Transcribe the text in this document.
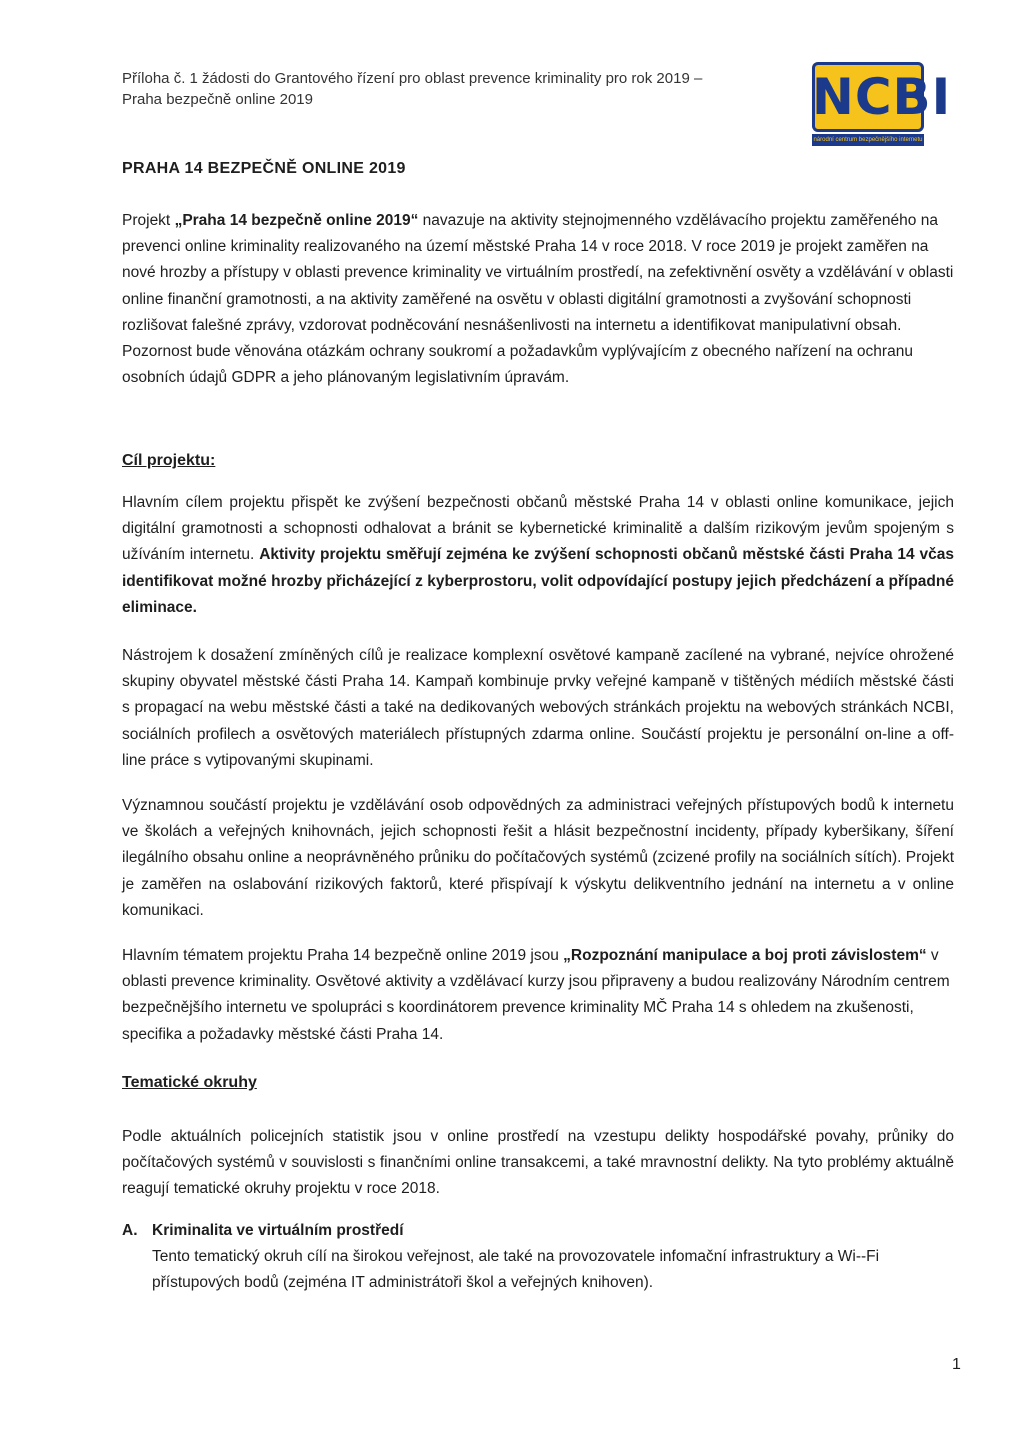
Příloha č. 1 žádosti do Grantového řízení pro oblast prevence kriminality pro rok 2019 –
Praha bezpečně online 2019	NCBI
národní centrum bezpečnějšího internetu
PRAHA 14 BEZPEČNĚ ONLINE 2019
Projekt „Praha 14 bezpečně online 2019“ navazuje na aktivity stejnojmenného vzdělávacího projektu zaměřeného na prevenci online kriminality realizovaného na území městské Praha 14 v roce 2018. V roce 2019 je projekt zaměřen na nové hrozby a přístupy v oblasti prevence kriminality ve virtuálním prostředí, na zefektivnění osvěty a vzdělávání v oblasti online finanční gramotnosti, a na aktivity zaměřené na osvětu v oblasti digitální gramotnosti a zvyšování schopnosti rozlišovat falešné zprávy, vzdorovat podněcování nesnášenlivosti na internetu a identifikovat manipulativní obsah. Pozornost bude věnována otázkám ochrany soukromí a požadavkům vyplývajícím z obecného nařízení na ochranu osobních údajů GDPR a jeho plánovaným legislativním úpravám.
Cíl projektu:
Hlavním cílem projektu přispět ke zvýšení bezpečnosti občanů městské Praha 14 v oblasti online komunikace, jejich digitální gramotnosti a schopnosti odhalovat a bránit se kybernetické kriminalitě a dalším rizikovým jevům spojeným s užíváním internetu. Aktivity projektu směřují zejména ke zvýšení schopnosti občanů městské části Praha 14 včas identifikovat možné hrozby přicházející z kyberprostoru, volit odpovídající postupy jejich předcházení a případné eliminace.
Nástrojem k dosažení zmíněných cílů je realizace komplexní osvětové kampaně zacílené na vybrané, nejvíce ohrožené skupiny obyvatel městské části Praha 14. Kampaň kombinuje prvky veřejné kampaně v tištěných médiích městské části s propagací na webu městské části a také na dedikovaných webových stránkách projektu na webových stránkách NCBI, sociálních profilech a osvětových materiálech přístupných zdarma online. Součástí projektu je personální on-line a off-line práce s vytipovanými skupinami.
Významnou součástí projektu je vzdělávání osob odpovědných za administraci veřejných přístupových bodů k internetu ve školách a veřejných knihovnách, jejich schopnosti řešit a hlásit bezpečnostní incidenty, případy kyberšikany, šíření ilegálního obsahu online a neoprávněného průniku do počítačových systémů (zcizené profily na sociálních sítích). Projekt je zaměřen na oslabování rizikových faktorů, které přispívají k výskytu delikventního jednání na internetu a v online komunikaci.
Hlavním tématem projektu Praha 14 bezpečně online 2019 jsou „Rozpoznání manipulace a boj proti závislostem“ v oblasti prevence kriminality. Osvětové aktivity a vzdělávací kurzy jsou připraveny a budou realizovány Národním centrem bezpečnějšího internetu ve spolupráci s koordinátorem prevence kriminality MČ Praha 14 s ohledem na zkušenosti, specifika a požadavky městské části Praha 14.
Tematické okruhy
Podle aktuálních policejních statistik jsou v online prostředí na vzestupu delikty hospodářské povahy, průniky do počítačových systémů v souvislosti s finančními online transakcemi, a také mravnostní delikty. Na tyto problémy aktuálně reagují tematické okruhy projektu v roce 2018.
A. Kriminalita ve virtuálním prostředí
Tento tematický okruh cílí na širokou veřejnost, ale také na provozovatele infomační infrastruktury a Wi--Fi přístupových bodů (zejména IT administrátoři škol a veřejných knihoven).
1
